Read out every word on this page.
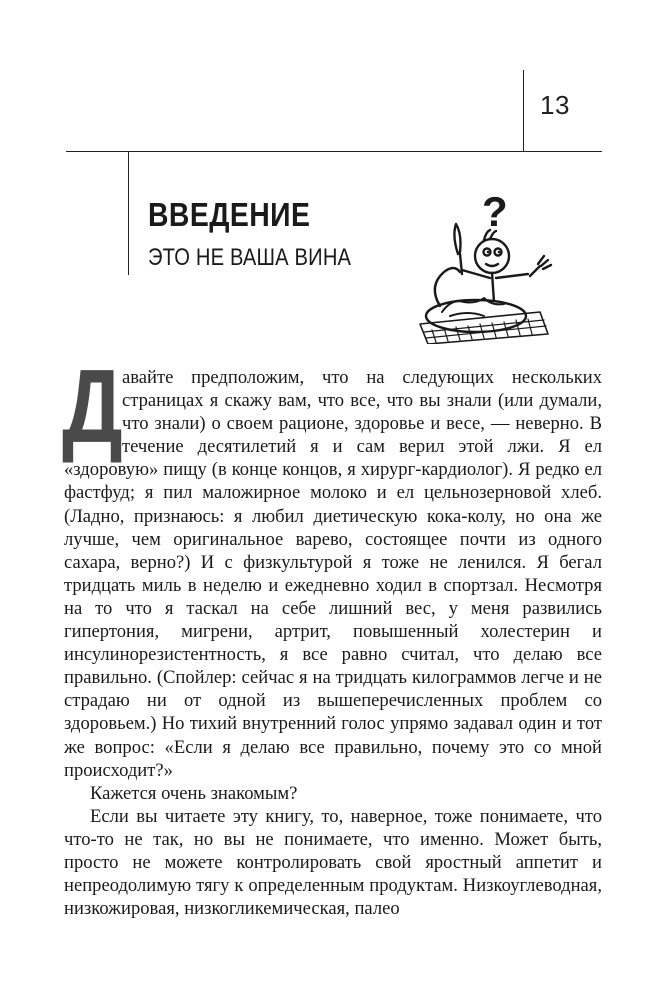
13
ВВЕДЕНИЕ
ЭТО НЕ ВАША ВИНА
?

Давайте предположим, что на следующих нескольких страницах я скажу вам, что все, что вы знали (или думали, что знали) о своем рационе, здоровье и весе, — неверно. В течение десятилетий я и сам верил этой лжи. Я ел «здоровую» пищу (в конце концов, я хирург-кардиолог). Я редко ел фастфуд; я пил маложирное молоко и ел цельнозерновой хлеб. (Ладно, признаюсь: я любил диетическую кока-колу, но она же лучше, чем оригинальное варево, состоящее почти из одного сахара, верно?) И с физкультурой я тоже не ленился. Я бегал тридцать миль в неделю и ежедневно ходил в спортзал. Несмотря на то что я таскал на себе лишний вес, у меня развились гипертония, мигрени, артрит, повышенный холестерин и инсулинорезистентность, я все равно считал, что делаю все правильно. (Спойлер: сейчас я на тридцать килограммов легче и не страдаю ни от одной из вышеперечисленных проблем со здоровьем.) Но тихий внутренний голос упрямо задавал один и тот же вопрос: «Если я делаю все правильно, почему это со мной происходит?»

Кажется очень знакомым?

Если вы читаете эту книгу, то, наверное, тоже понимаете, что что-то не так, но вы не понимаете, что именно. Может быть, просто не можете контролировать свой яростный аппетит и непреодолимую тягу к определенным продуктам. Низкоуглеводная, низкожировая, низкогликемическая, палео
